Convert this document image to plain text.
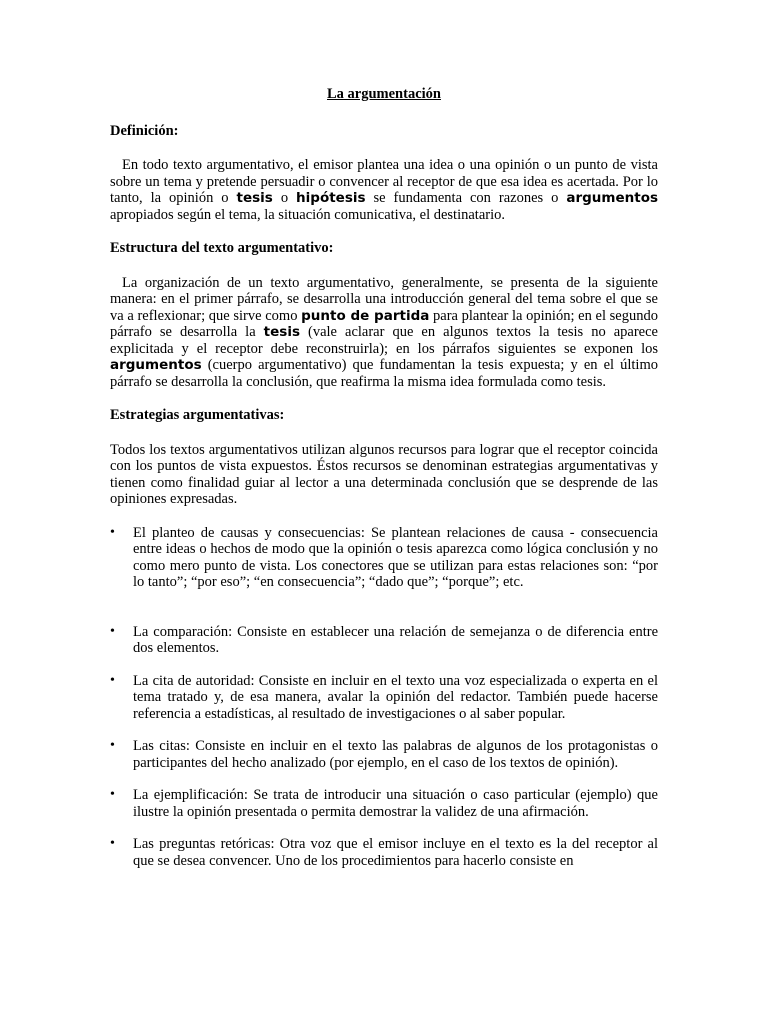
La argumentación
Definición:

En todo texto argumentativo, el emisor plantea una idea o una opinión o un punto de vista sobre un tema y pretende persuadir o convencer al receptor de que esa idea es acertada. Por lo tanto, la opinión o tesis o hipótesis se fundamenta con razones o argumentos apropiados según el tema, la situación comunicativa, el destinatario.

Estructura del texto argumentativo:

La organización de un texto argumentativo, generalmente, se presenta de la siguiente manera: en el primer párrafo, se desarrolla una introducción general del tema sobre el que se va a reflexionar; que sirve como punto de partida para plantear la opinión; en el segundo párrafo se desarrolla la tesis (vale aclarar que en algunos textos la tesis no aparece explicitada y el receptor debe reconstruirla); en los párrafos siguientes se exponen los argumentos (cuerpo argumentativo) que fundamentan la tesis expuesta; y en el último párrafo se desarrolla la conclusión, que reafirma la misma idea formulada como tesis.

Estrategias argumentativas:

Todos los textos argumentativos utilizan algunos recursos para lograr que el receptor coincida con los puntos de vista expuestos. Éstos recursos se denominan estrategias argumentativas y tienen como finalidad guiar al lector a una determinada conclusión que se desprende de las opiniones expresadas.

• El planteo de causas y consecuencias: Se plantean relaciones de causa - consecuencia entre ideas o hechos de modo que la opinión o tesis aparezca como lógica conclusión y no como mero punto de vista. Los conectores que se utilizan para estas relaciones son: “por lo tanto”; “por eso”; “en consecuencia”; “dado que”; “porque”; etc.
• La comparación: Consiste en establecer una relación de semejanza o de diferencia entre dos elementos.
• La cita de autoridad: Consiste en incluir en el texto una voz especializada o experta en el tema tratado y, de esa manera, avalar la opinión del redactor. También puede hacerse referencia a estadísticas, al resultado de investigaciones o al saber popular.
• Las citas: Consiste en incluir en el texto las palabras de algunos de los protagonistas o participantes del hecho analizado (por ejemplo, en el caso de los textos de opinión).
• La ejemplificación: Se trata de introducir una situación o caso particular (ejemplo) que ilustre la opinión presentada o permita demostrar la validez de una afirmación.
• Las preguntas retóricas: Otra voz que el emisor incluye en el texto es la del receptor al que se desea convencer. Uno de los procedimientos para hacerlo consiste en
